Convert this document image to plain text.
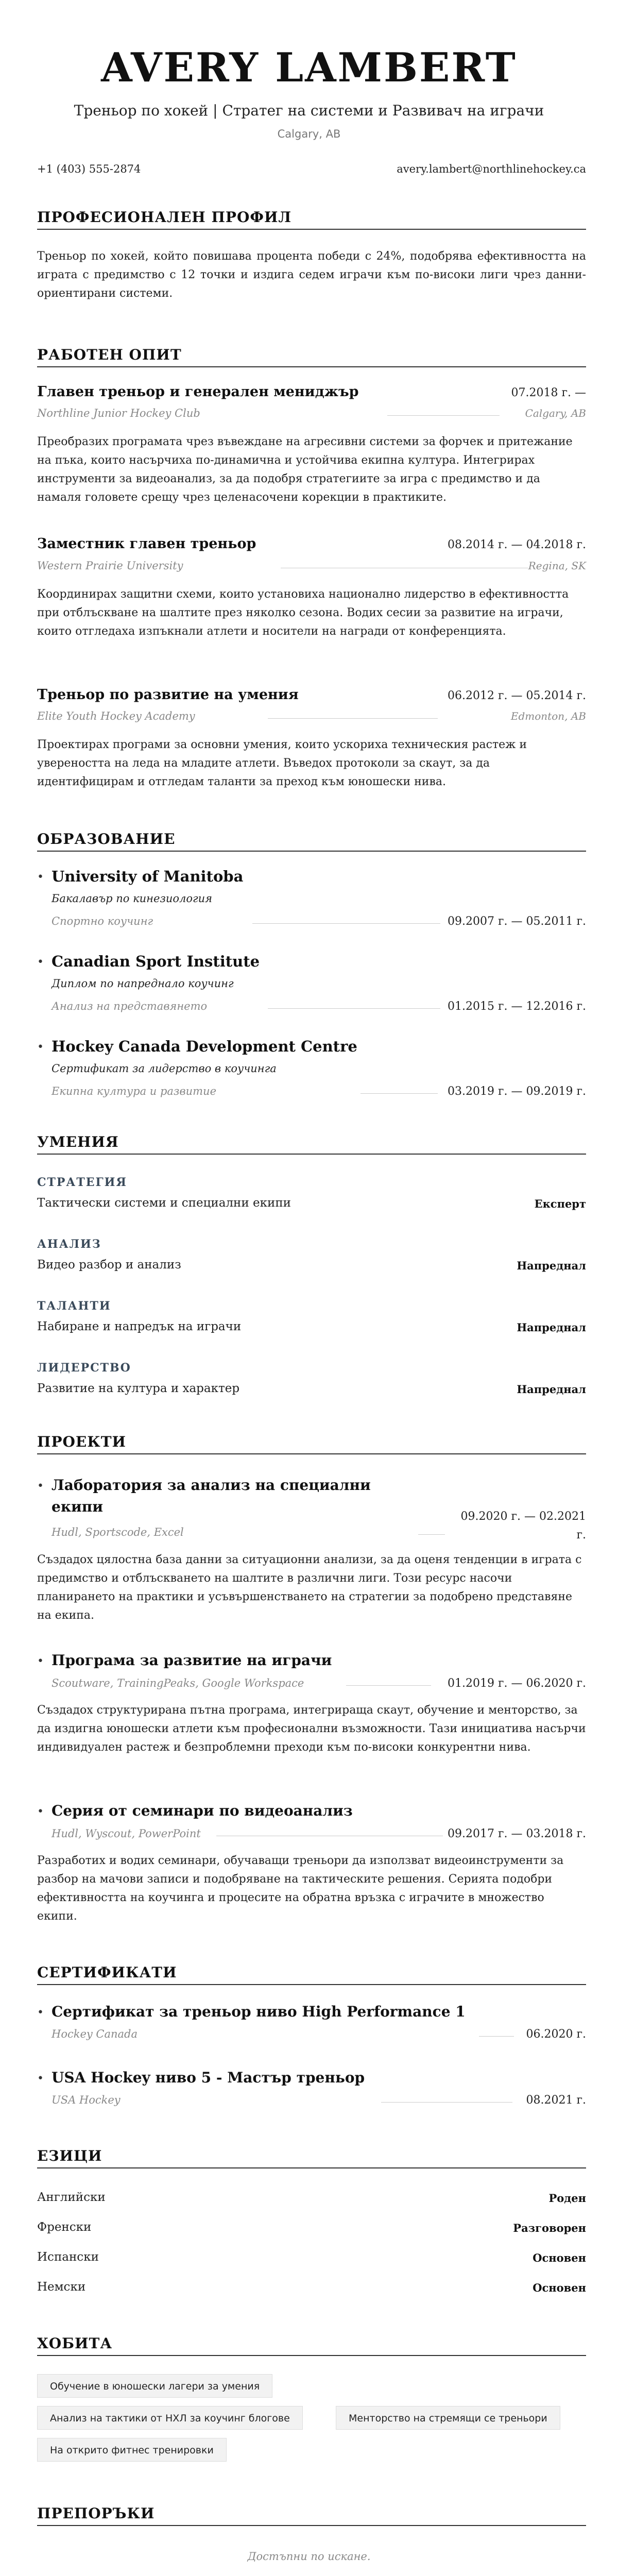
AVERY LAMBERT
Треньор по хокей | Стратег на системи и Развивач на играчи
Calgary, AB
+1 (403) 555-2874	avery.lambert@northlinehockey.ca
ПРОФЕСИОНАЛЕН ПРОФИЛ
Треньор по хокей, който повишава процента победи с 24%, подобрява ефективността на играта с предимство с 12 точки и издига седем играчи към по-високи лиги чрез данни-ориентирани системи.
РАБОТЕН ОПИТ
Главен треньор и генерален мениджър	07.2018 г. —
Northline Junior Hockey Club	Calgary, AB
Преобразих програмата чрез въвеждане на агресивни системи за форчек и притежание на пъка, които насърчиха по-динамична и устойчива екипна култура. Интегрирах инструменти за видеоанализ, за да подобря стратегиите за игра с предимство и да намаля головете срещу чрез целенасочени корекции в практиките.
Заместник главен треньор	08.2014 г. — 04.2018 г.
Western Prairie University	Regina, SK
Координирах защитни схеми, които установиха национално лидерство в ефективността при отблъскване на шалтите през няколко сезона. Водих сесии за развитие на играчи, които отгледаха изпъкнали атлети и носители на награди от конференцията.
Треньор по развитие на умения	06.2012 г. — 05.2014 г.
Elite Youth Hockey Academy	Edmonton, AB
Проектирах програми за основни умения, които ускориха техническия растеж и увереността на леда на младите атлети. Въведох протоколи за скаут, за да идентифицирам и отгледам таланти за преход към юношески нива.
ОБРАЗОВАНИЕ
• University of Manitoba
Бакалавър по кинезиология
Спортно коучинг	09.2007 г. — 05.2011 г.
• Canadian Sport Institute
Диплом по напреднало коучинг
Анализ на представянето	01.2015 г. — 12.2016 г.
• Hockey Canada Development Centre
Сертификат за лидерство в коучинга
Екипна култура и развитие	03.2019 г. — 09.2019 г.
УМЕНИЯ
СТРАТЕГИЯ
Тактически системи и специални екипи	Експерт
АНАЛИЗ
Видео разбор и анализ	Напреднал
ТАЛАНТИ
Набиране и напредък на играчи	Напреднал
ЛИДЕРСТВО
Развитие на култура и характер	Напреднал
ПРОЕКТИ
• Лаборатория за анализ на специални екипи
09.2020 г. — 02.2021 г.
Hudl, Sportscode, Excel
Създадох цялостна база данни за ситуационни анализи, за да оценя тенденции в играта с предимство и отблъскването на шалтите в различни лиги. Този ресурс насочи планирането на практики и усъвършенстването на стратегии за подобрено представяне на екипа.
• Програма за развитие на играчи
Scoutware, TrainingPeaks, Google Workspace	01.2019 г. — 06.2020 г.
Създадох структурирана пътна програма, интегрираща скаут, обучение и менторство, за да издигна юношески атлети към професионални възможности. Тази инициатива насърчи индивидуален растеж и безпроблемни преходи към по-високи конкурентни нива.
• Серия от семинари по видеоанализ
Hudl, Wyscout, PowerPoint	09.2017 г. — 03.2018 г.
Разработих и водих семинари, обучаващи треньори да използват видеоинструменти за разбор на мачови записи и подобряване на тактическите решения. Серията подобри ефективността на коучинга и процесите на обратна връзка с играчите в множество екипи.
СЕРТИФИКАТИ
• Сертификат за треньор ниво High Performance 1
Hockey Canada	06.2020 г.
• USA Hockey ниво 5 - Мастър треньор
USA Hockey	08.2021 г.
ЕЗИЦИ
Английски	Роден
Френски	Разговорен
Испански	Основен
Немски	Основен
ХОБИТА
Обучение в юношески лагери за умения
Анализ на тактики от НХЛ за коучинг блогове	Менторство на стремящи се треньори
На открито фитнес тренировки
ПРЕПОРЪКИ
Достъпни по искане.
